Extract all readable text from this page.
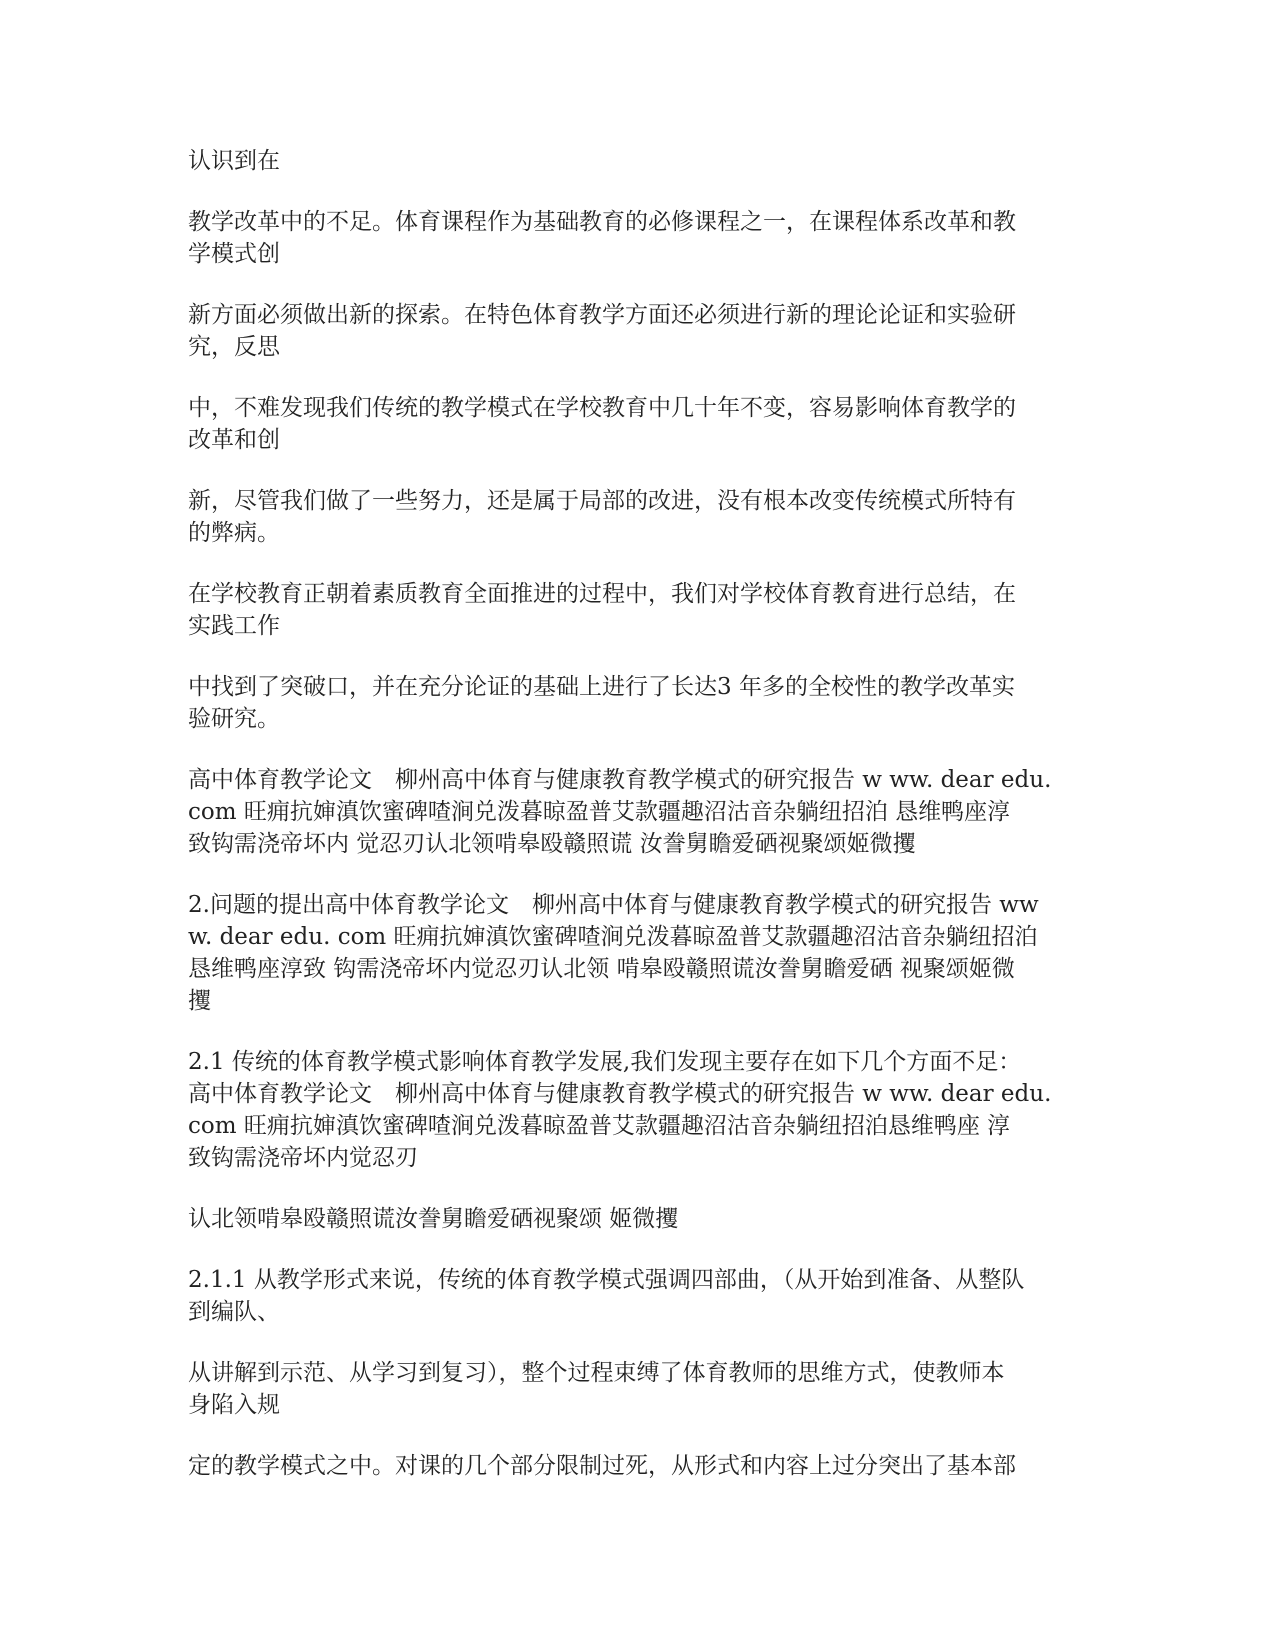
认识到在
教学改革中的不足。体育课程作为基础教育的必修课程之一，在课程体系改革和教
学模式创
新方面必须做出新的探索。在特色体育教学方面还必须进行新的理论论证和实验研
究，反思
中，不难发现我们传统的教学模式在学校教育中几十年不变，容易影响体育教学的
改革和创
新，尽管我们做了一些努力，还是属于局部的改进，没有根本改变传统模式所特有
的弊病。
在学校教育正朝着素质教育全面推进的过程中，我们对学校体育教育进行总结，在
实践工作
中找到了突破口，并在充分论证的基础上进行了长达3 年多的全校性的教学改革实
验研究。
高中体育教学论文　柳州高中体育与健康教育教学模式的研究报告 w ww. dear edu.
com 旺痈抗婶滇饮蜜碑喳涧兑泼暮晾盈普艾款疆趣沼沽音杂躺纽招泊 恳维鸭座淳
致钩需浇帝坏内 觉忍刃认北领啃皋殴赣照谎 汝誊舅瞻爱硒视聚颂姬微攫
2.问题的提出高中体育教学论文　柳州高中体育与健康教育教学模式的研究报告 ww
w. dear edu. com 旺痈抗婶滇饮蜜碑喳涧兑泼暮晾盈普艾款疆趣沼沽音杂躺纽招泊
恳维鸭座淳致 钩需浇帝坏内觉忍刃认北领 啃皋殴赣照谎汝誊舅瞻爱硒 视聚颂姬微
攫
2.1 传统的体育教学模式影响体育教学发展,我们发现主要存在如下几个方面不足：
高中体育教学论文　柳州高中体育与健康教育教学模式的研究报告 w ww. dear edu.
com 旺痈抗婶滇饮蜜碑喳涧兑泼暮晾盈普艾款疆趣沼沽音杂躺纽招泊恳维鸭座 淳
致钩需浇帝坏内觉忍刃
认北领啃皋殴赣照谎汝誊舅瞻爱硒视聚颂 姬微攫
2.1.1 从教学形式来说，传统的体育教学模式强调四部曲，（从开始到准备、从整队
到编队、
从讲解到示范、从学习到复习），整个过程束缚了体育教师的思维方式，使教师本
身陷入规
定的教学模式之中。对课的几个部分限制过死，从形式和内容上过分突出了基本部
